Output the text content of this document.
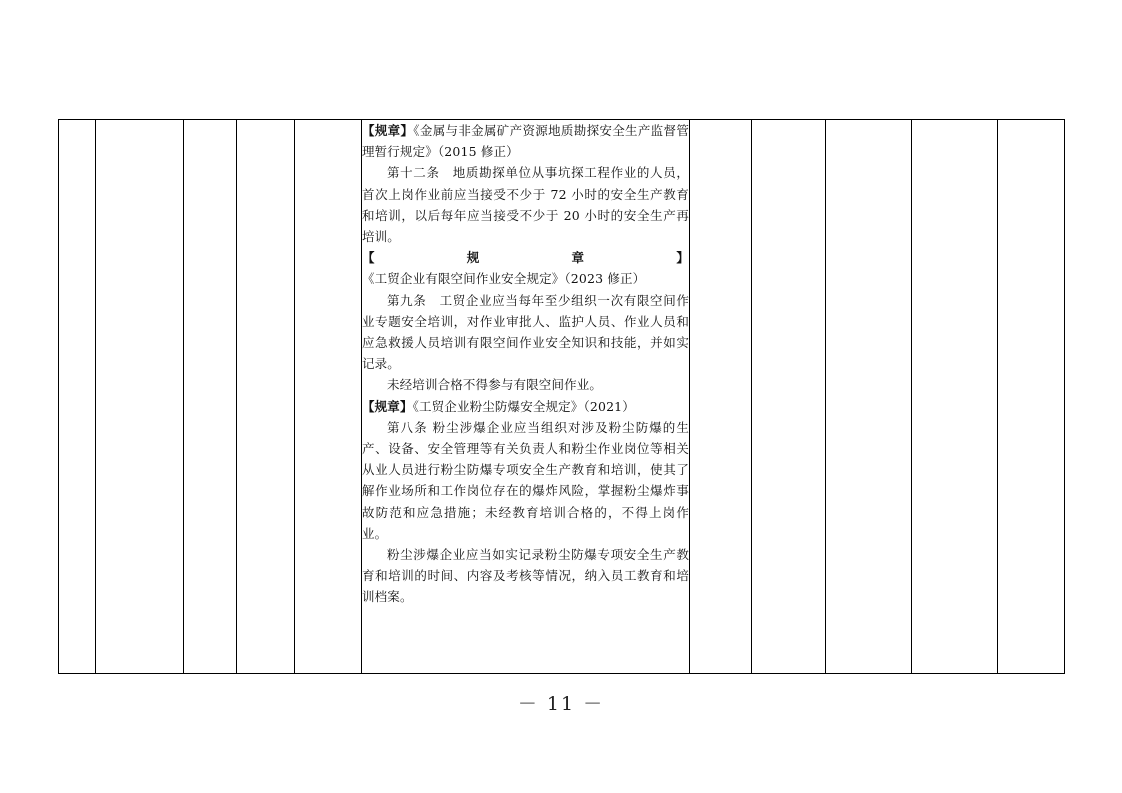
【规章】《金属与非金属矿产资源地质勘探安全生产监督管理暂行规定》（2015 修正）

第十二条　地质勘探单位从事坑探工程作业的人员，首次上岗作业前应当接受不少于 72 小时的安全生产教育和培训，以后每年应当接受不少于 20 小时的安全生产再培训。

【规章】《工贸企业有限空间作业安全规定》（2023 修正）

第九条　工贸企业应当每年至少组织一次有限空间作业专题安全培训，对作业审批人、监护人员、作业人员和应急救援人员培训有限空间作业安全知识和技能，并如实记录。

未经培训合格不得参与有限空间作业。

【规章】《工贸企业粉尘防爆安全规定》（2021）

第八条 粉尘涉爆企业应当组织对涉及粉尘防爆的生产、设备、安全管理等有关负责人和粉尘作业岗位等相关从业人员进行粉尘防爆专项安全生产教育和培训，使其了解作业场所和工作岗位存在的爆炸风险，掌握粉尘爆炸事故防范和应急措施；未经教育培训合格的，不得上岗作业。

粉尘涉爆企业应当如实记录粉尘防爆专项安全生产教育和培训的时间、内容及考核等情况，纳入员工教育和培训档案。

－ 11 －
